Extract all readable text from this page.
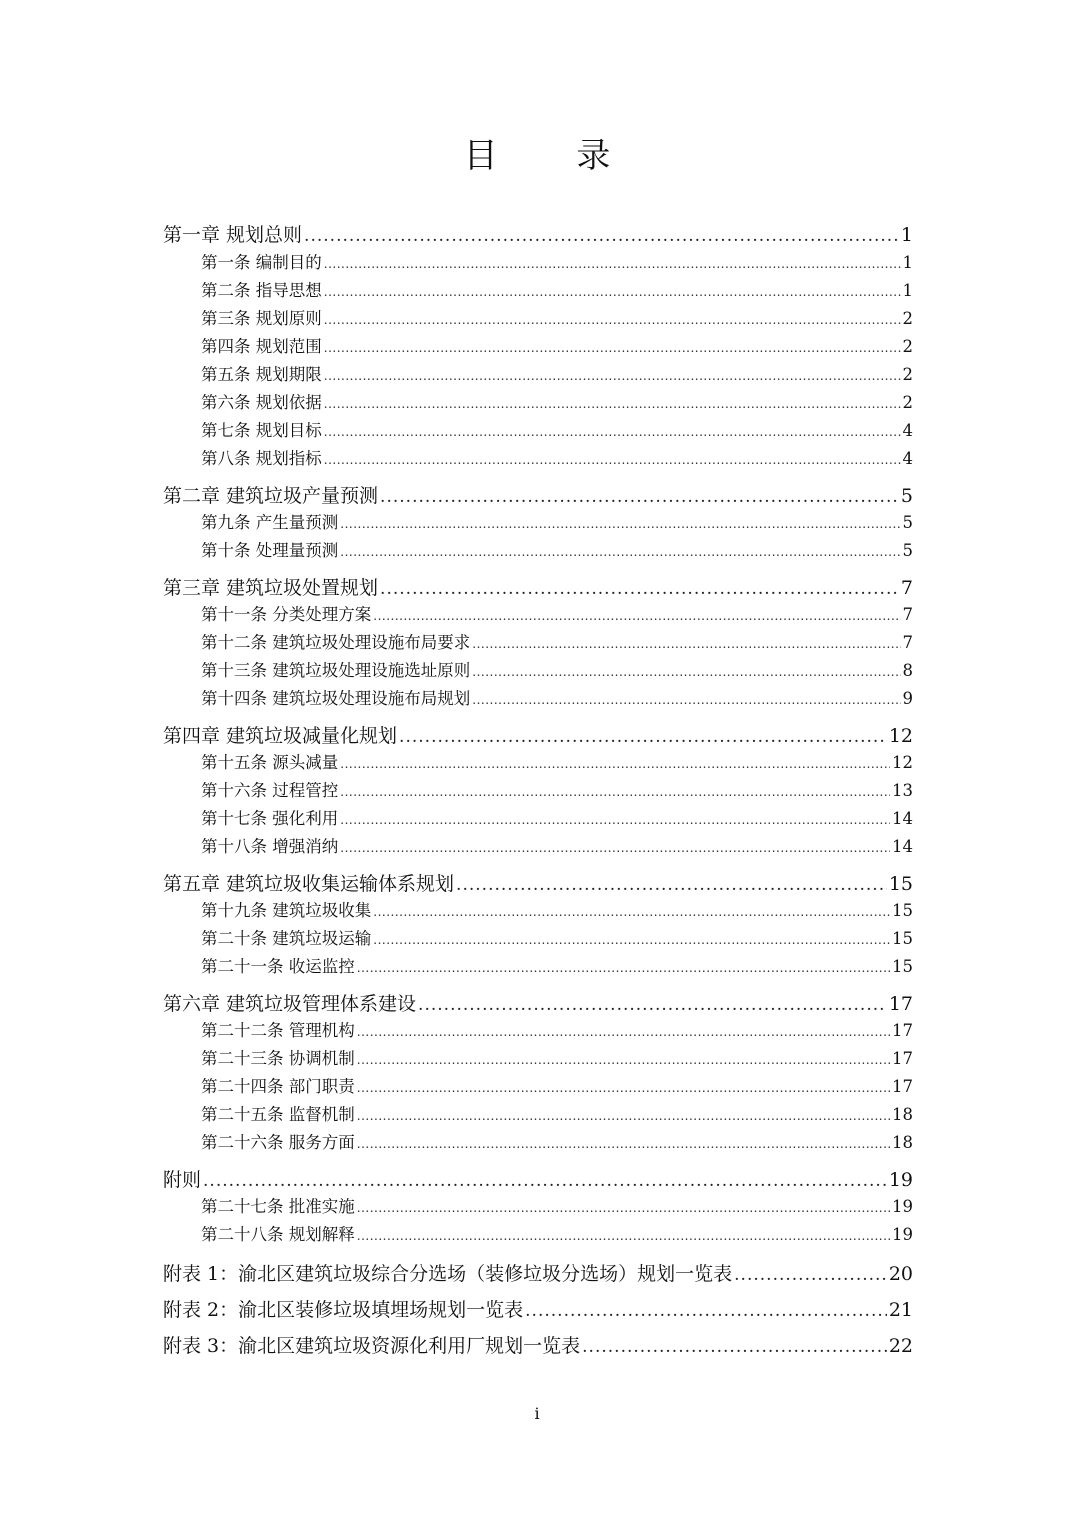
目 录
第一章 规划总则 .....	1
第一条 编制目的 .....	1
第二条 指导思想 .....	1
第三条 规划原则 .....	2
第四条 规划范围 .....	2
第五条 规划期限 .....	2
第六条 规划依据 .....	2
第七条 规划目标 .....	4
第八条 规划指标 .....	4
第二章 建筑垃圾产量预测 .....	5
第九条 产生量预测 .....	5
第十条 处理量预测 .....	5
第三章 建筑垃圾处置规划 .....	7
第十一条 分类处理方案 .....	7
第十二条 建筑垃圾处理设施布局要求 .....	7
第十三条 建筑垃圾处理设施选址原则 .....	8
第十四条 建筑垃圾处理设施布局规划 .....	9
第四章 建筑垃圾减量化规划 .....	12
第十五条 源头减量 .....	12
第十六条 过程管控 .....	13
第十七条 强化利用 .....	14
第十八条 增强消纳 .....	14
第五章 建筑垃圾收集运输体系规划 .....	15
第十九条 建筑垃圾收集 .....	15
第二十条 建筑垃圾运输 .....	15
第二十一条 收运监控 .....	15
第六章 建筑垃圾管理体系建设 .....	17
第二十二条 管理机构 .....	17
第二十三条 协调机制 .....	17
第二十四条 部门职责 .....	17
第二十五条 监督机制 .....	18
第二十六条 服务方面 .....	18
附则 .....	19
第二十七条 批准实施 .....	19
第二十八条 规划解释 .....	19
附表 1：渝北区建筑垃圾综合分选场（装修垃圾分选场）规划一览表 .....	20
附表 2：渝北区装修垃圾填埋场规划一览表 .....	21
附表 3：渝北区建筑垃圾资源化利用厂规划一览表 .....	22
i
